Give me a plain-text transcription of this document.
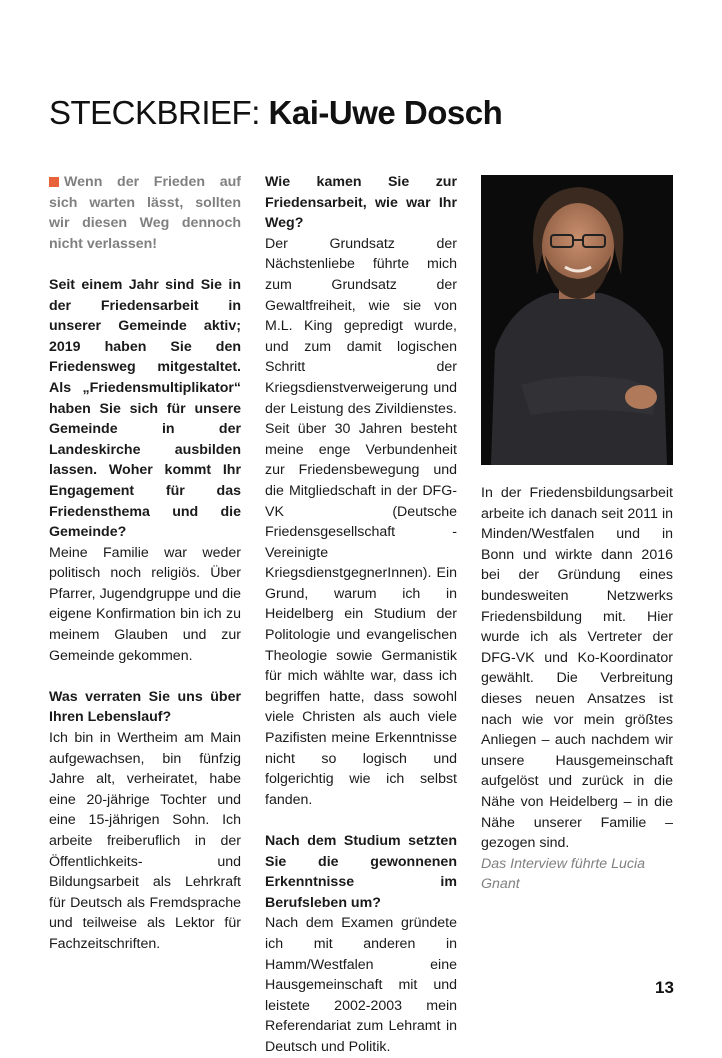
STECKBRIEF: Kai-Uwe Dosch

Wenn der Frieden auf sich warten lässt, sollten wir diesen Weg dennoch nicht verlassen!

Seit einem Jahr sind Sie in der Friedensarbeit in unserer Gemeinde aktiv; 2019 haben Sie den Friedensweg mitgestaltet. Als „Friedensmultiplikator“ haben Sie sich für unsere Gemeinde in der Landeskirche ausbilden lassen. Woher kommt Ihr Engagement für das Friedensthema und die Gemeinde?

Meine Familie war weder politisch noch religiös. Über Pfarrer, Jugendgruppe und die eigene Konfirmation bin ich zu meinem Glauben und zur Gemeinde gekommen.

Was verraten Sie uns über Ihren Lebenslauf?

Ich bin in Wertheim am Main aufgewachsen, bin fünfzig Jahre alt, verheiratet, habe eine 20-jährige Tochter und eine 15-jährigen Sohn. Ich arbeite freiberuflich in der Öffentlichkeits- und Bildungsarbeit als Lehrkraft für Deutsch als Fremdsprache und teilweise als Lektor für Fachzeitschriften.

Wie kamen Sie zur Friedensarbeit, wie war Ihr Weg?

Der Grundsatz der Nächstenliebe führte mich zum Grundsatz der Gewaltfreiheit, wie sie von M.L. King gepredigt wurde, und zum damit logischen Schritt der Kriegsdienstverweigerung und der Leistung des Zivildienstes. Seit über 30 Jahren besteht meine enge Verbundenheit zur Friedensbewegung und die Mitgliedschaft in der DFG-VK (Deutsche Friedensgesellschaft - Vereinigte KriegsdienstgegnerInnen). Ein Grund, warum ich in Heidelberg ein Studium der Politologie und evangelischen Theologie sowie Germanistik für mich wählte war, dass ich begriffen hatte, dass sowohl viele Christen als auch viele Pazifisten meine Erkenntnisse nicht so logisch und folgerichtig wie ich selbst fanden.

Nach dem Studium setzten Sie die gewonnenen Erkenntnisse im Berufsleben um?

Nach dem Examen gründete ich mit anderen in Hamm/Westfalen eine Hausgemeinschaft mit und leistete 2002-2003 mein Referendariat zum Lehramt in Deutsch und Politik.

In der Friedensbildungsarbeit arbeite ich danach seit 2011 in Minden/Westfalen und in Bonn und wirkte dann 2016 bei der Gründung eines bundesweiten Netzwerks Friedensbildung mit. Hier wurde ich als Vertreter der DFG-VK und Ko-Koordinator gewählt. Die Verbreitung dieses neuen Ansatzes ist nach wie vor mein größtes Anliegen – auch nachdem wir unsere Hausgemeinschaft aufgelöst und zurück in die Nähe von Heidelberg – in die Nähe unserer Familie – gezogen sind.

Das Interview führte Lucia Gnant

13
